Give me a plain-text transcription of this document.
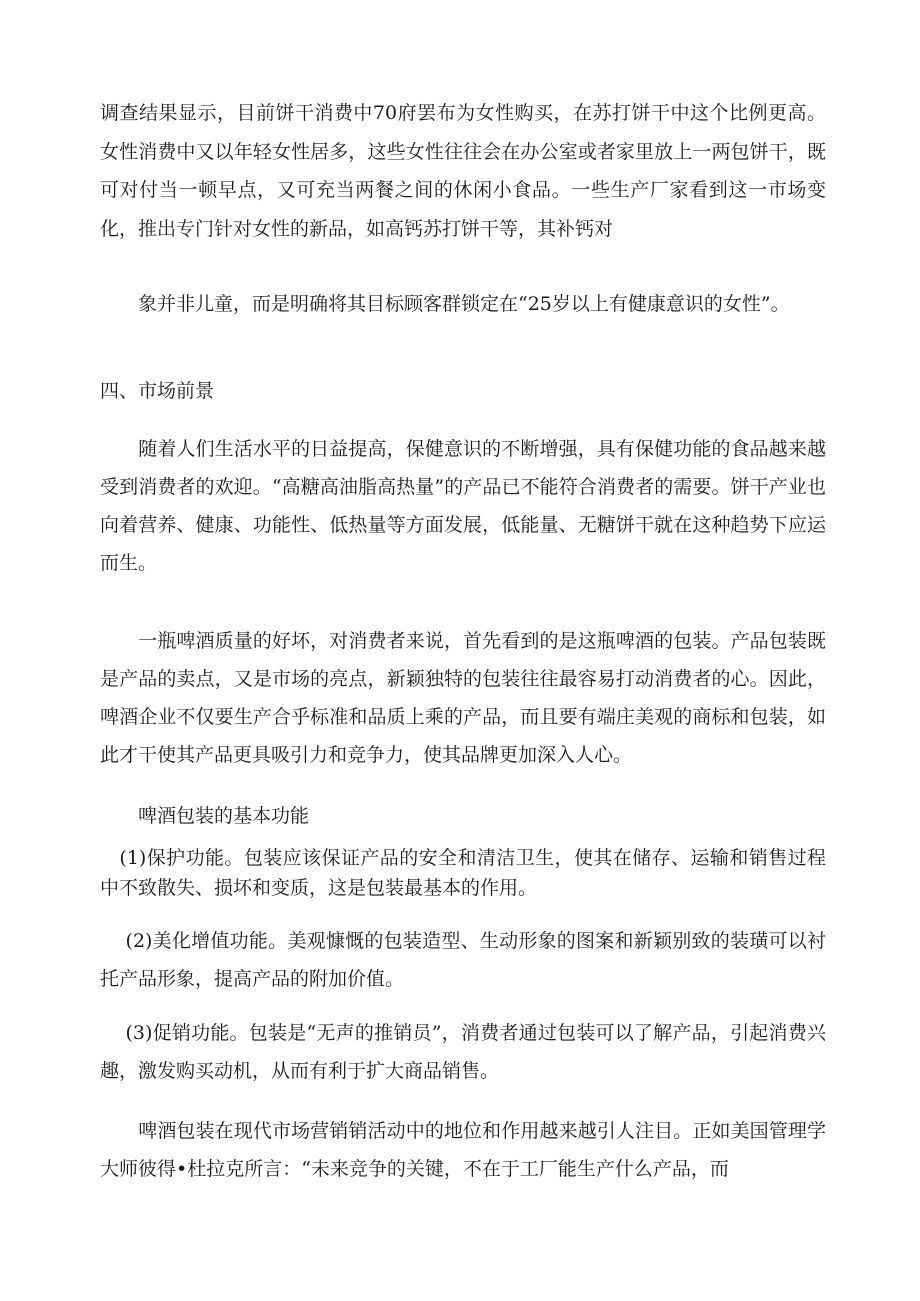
调查结果显示，目前饼干消费中70府罢布为女性购买，在苏打饼干中这个比例更高。女性消费中又以年轻女性居多，这些女性往往会在办公室或者家里放上一两包饼干，既可对付当一顿早点，又可充当两餐之间的休闲小食品。一些生产厂家看到这一市场变化，推出专门针对女性的新品，如高钙苏打饼干等，其补钙对

　　象并非儿童，而是明确将其目标顾客群锁定在“25岁以上有健康意识的女性”。

四、市场前景

　　随着人们生活水平的日益提高，保健意识的不断增强，具有保健功能的食品越来越受到消费者的欢迎。“高糖高油脂高热量”的产品已不能符合消费者的需要。饼干产业也向着营养、健康、功能性、低热量等方面发展，低能量、无糖饼干就在这种趋势下应运而生。

　　一瓶啤酒质量的好坏，对消费者来说，首先看到的是这瓶啤酒的包装。产品包装既是产品的卖点，又是市场的亮点，新颖独特的包装往往最容易打动消费者的心。因此，啤酒企业不仅要生产合乎标准和品质上乘的产品，而且要有端庄美观的商标和包装，如此才干使其产品更具吸引力和竞争力，使其品牌更加深入人心。

　　啤酒包装的基本功能

　(1)保护功能。包装应该保证产品的安全和清洁卫生，使其在储存、运输和销售过程中不致散失、损坏和变质，这是包装最基本的作用。

　 (2)美化增值功能。美观慷慨的包装造型、生动形象的图案和新颖别致的装璜可以衬托产品形象，提高产品的附加价值。

　 (3)促销功能。包装是“无声的推销员”，消费者通过包装可以了解产品，引起消费兴趣，激发购买动机，从而有利于扩大商品销售。

　　啤酒包装在现代市场营销销活动中的地位和作用越来越引人注目。正如美国管理学大师彼得•杜拉克所言：“未来竞争的关键，不在于工厂能生产什么产品，而
